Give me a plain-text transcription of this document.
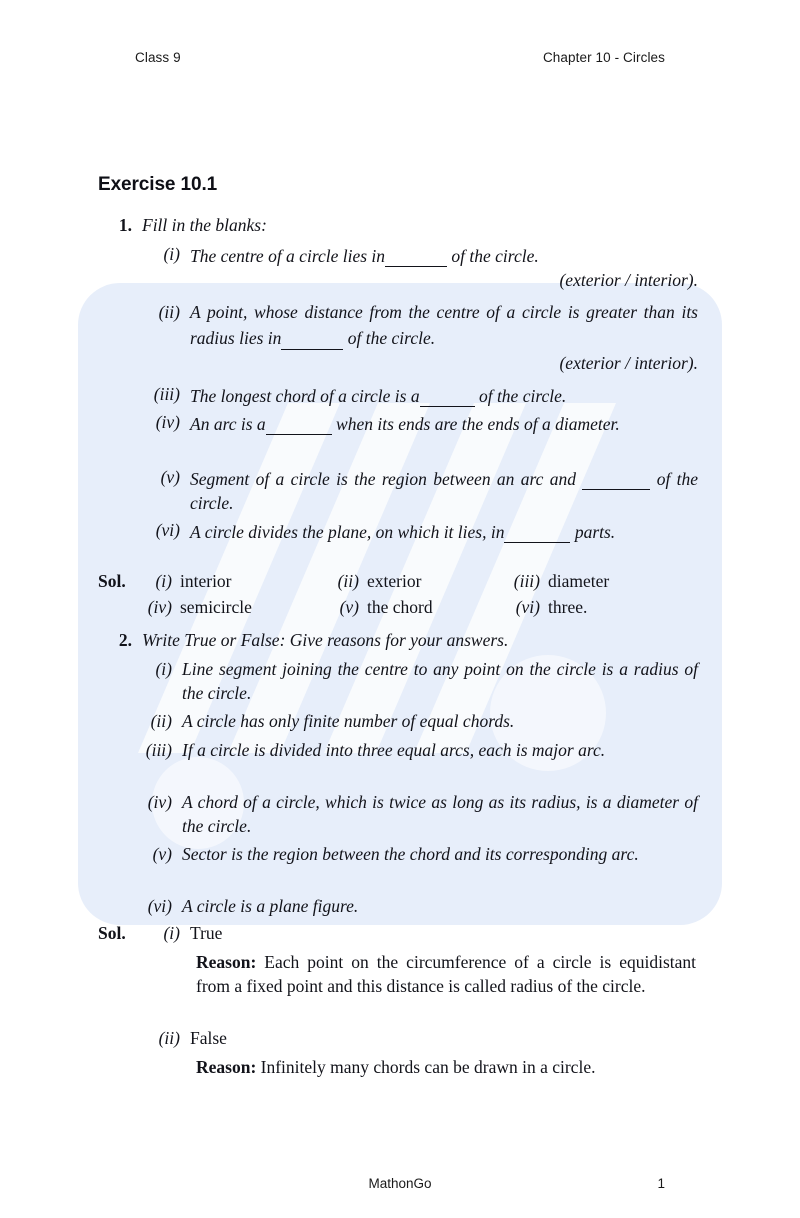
Class 9	Chapter 10 - Circles
Exercise 10.1
1. Fill in the blanks:
(i) The centre of a circle lies in	of the circle.
(exterior / interior).
(ii) A point, whose distance from the centre of a circle is greater than its radius lies in	of the circle.
(exterior / interior).
(iii) The longest chord of a circle is a	of the circle.
(iv) An arc is a	when its ends are the ends of a diameter.
(v) Segment of a circle is the region between an arc and	of the circle.
(vi) A circle divides the plane, on which it lies, in	parts.
Sol.	(i) interior	(ii) exterior	(iii) diameter
(iv) semicircle	(v) the chord	(vi) three.
2. Write True or False: Give reasons for your answers.
(i) Line segment joining the centre to any point on the circle is a radius of the circle.
(ii) A circle has only finite number of equal chords.
(iii) If a circle is divided into three equal arcs, each is major arc.
(iv) A chord of a circle, which is twice as long as its radius, is a diameter of the circle.
(v) Sector is the region between the chord and its corresponding arc.
(vi) A circle is a plane figure.
Sol.	(i) True
Reason: Each point on the circumference of a circle is equidistant from a fixed point and this distance is called radius of the circle.
(ii) False
Reason: Infinitely many chords can be drawn in a circle.
MathonGo	1
